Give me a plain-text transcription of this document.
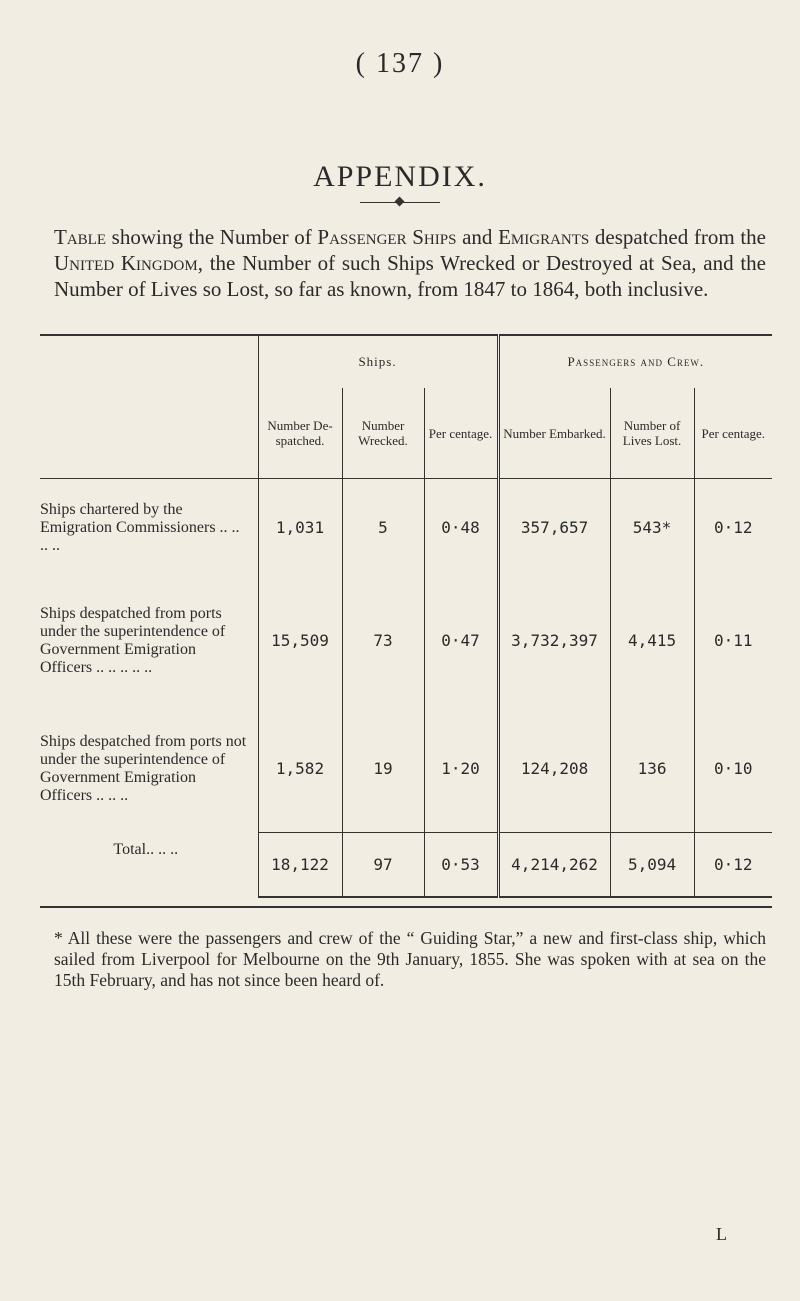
( 137 )
APPENDIX.
Table showing the Number of Passenger Ships and Emigrants despatched from the United Kingdom, the Number of such Ships Wrecked or Destroyed at Sea, and the Number of Lives so Lost, so far as known, from 1847 to 1864, both inclusive.
	Ships.			Passengers and Crew.		
	Number De-spatched.	Number Wrecked.	Per centage.	Number Embarked.	Number of Lives Lost.	Per centage.
Ships chartered by the Emigration Commissioners .. .. .. ..	1,031	5	0·48	357,657	543*	0·12
Ships despatched from ports under the superintendence of Government Emigration Officers .. .. .. .. ..	15,509	73	0·47	3,732,397	4,415	0·11
Ships despatched from ports not under the superintendence of Government Emigration Officers .. .. ..	1,582	19	1·20	124,208	136	0·10
Total.. .. ..	18,122	97	0·53	4,214,262	5,094	0·12

* All these were the passengers and crew of the “ Guiding Star,” a new and first-class ship, which sailed from Liverpool for Melbourne on the 9th January, 1855. She was spoken with at sea on the 15th February, and has not since been heard of.
L
